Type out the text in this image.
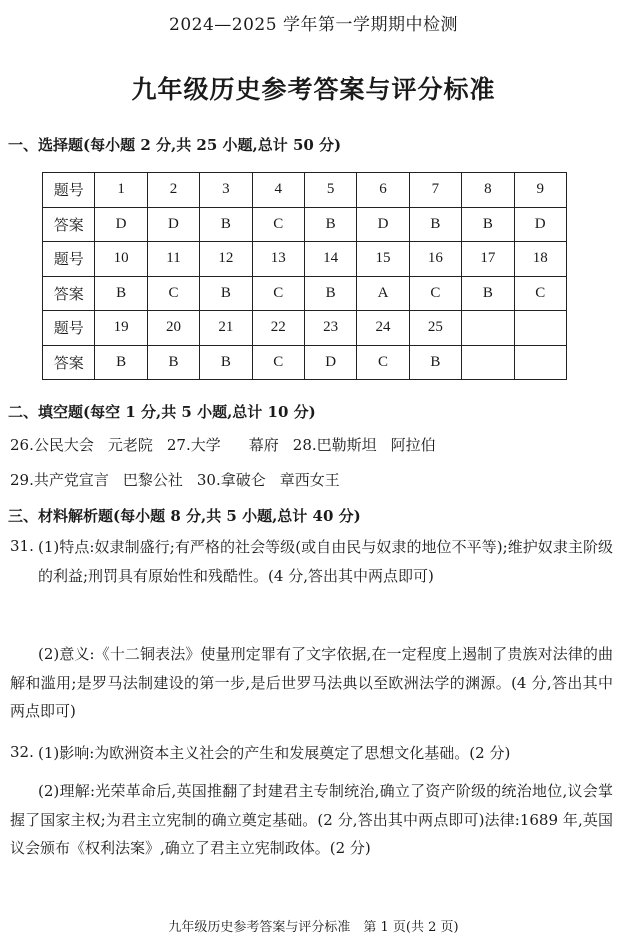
2024—2025 学年第一学期期中检测
九年级历史参考答案与评分标准
一、选择题(每小题 2 分,共 25 小题,总计 50 分)
题号	1	2	3	4	5	6	7	8	9
答案	D	D	B	C	B	D	B	B	D
题号	10	11	12	13	14	15	16	17	18
答案	B	C	B	C	B	A	C	B	C
题号	19	20	21	22	23	24	25		
答案	B	B	B	C	D	C	B		
二、填空题(每空 1 分,共 5 小题,总计 10 分)
26.公民大会 元老院 27.大学 幕府 28.巴勒斯坦 阿拉伯
29.共产党宣言 巴黎公社 30.拿破仑 章西女王
三、材料解析题(每小题 8 分,共 5 小题,总计 40 分)
31. (1)特点:奴隶制盛行;有严格的社会等级(或自由民与奴隶的地位不平等);维护奴隶主阶级的利益;刑罚具有原始性和残酷性。(4 分,答出其中两点即可)
(2)意义:《十二铜表法》使量刑定罪有了文字依据,在一定程度上遏制了贵族对法律的曲解和滥用;是罗马法制建设的第一步,是后世罗马法典以至欧洲法学的渊源。(4 分,答出其中两点即可)
32. (1)影响:为欧洲资本主义社会的产生和发展奠定了思想文化基础。(2 分)
(2)理解:光荣革命后,英国推翻了封建君主专制统治,确立了资产阶级的统治地位,议会掌握了国家主权;为君主立宪制的确立奠定基础。(2 分,答出其中两点即可)法律:1689 年,英国议会颁布《权利法案》,确立了君主立宪制政体。(2 分)
九年级历史参考答案与评分标准　第 1 页(共 2 页)
